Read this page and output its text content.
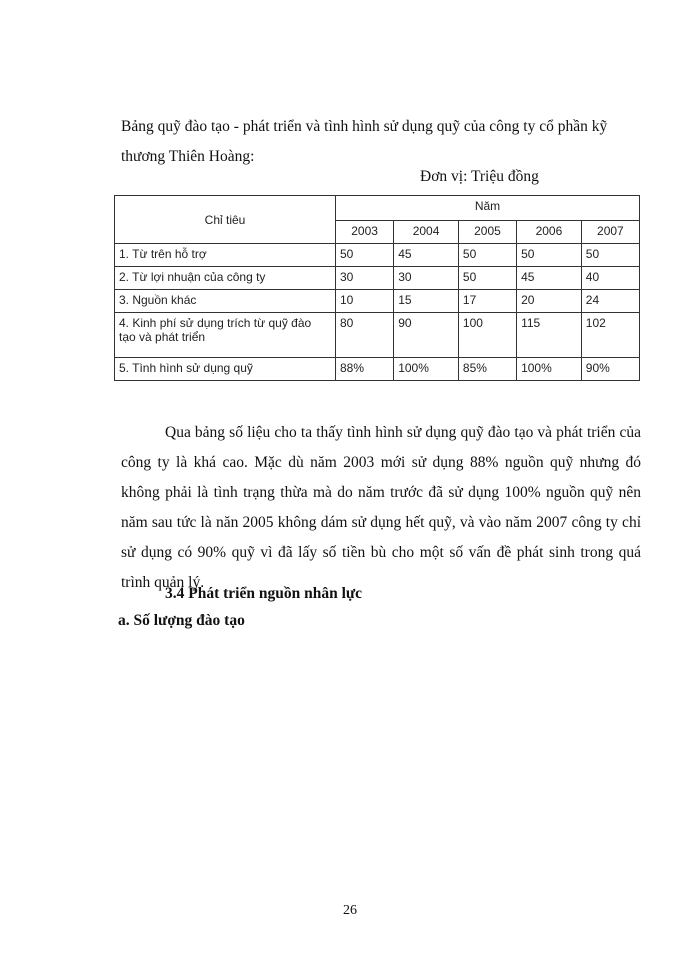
Bảng quỹ đào tạo - phát triển và tình hình sử dụng quỹ của công ty cổ phần kỹ thương Thiên Hoàng:

Đơn vị: Triệu đồng

Chỉ tiêu	Năm				
	2003	2004	2005	2006	2007
1. Từ trên hỗ trợ	50	45	50	50	50
2. Từ lợi nhuận của công ty	30	30	50	45	40
3. Nguồn khác	10	15	17	20	24
4. Kinh phí sử dụng trích từ quỹ đào tạo và phát triển	80	90	100	115	102
5. Tình hình sử dụng quỹ	88%	100%	85%	100%	90%

Qua bảng số liệu cho ta thấy tình hình sử dụng quỹ đào tạo và phát triển của công ty là khá cao. Mặc dù năm 2003 mới sử dụng 88% nguồn quỹ nhưng đó không phải là tình trạng thừa mà do năm trước đã sử dụng 100% nguồn quỹ nên năm sau tức là năn 2005 không dám sử dụng hết quỹ, và vào năm 2007 công ty chỉ sử dụng có 90% quỹ vì đã lấy số tiền bù cho một số vấn đề phát sinh trong quá trình quản lý.

3.4 Phát triển nguồn nhân lực

a. Số lượng đào tạo

26
